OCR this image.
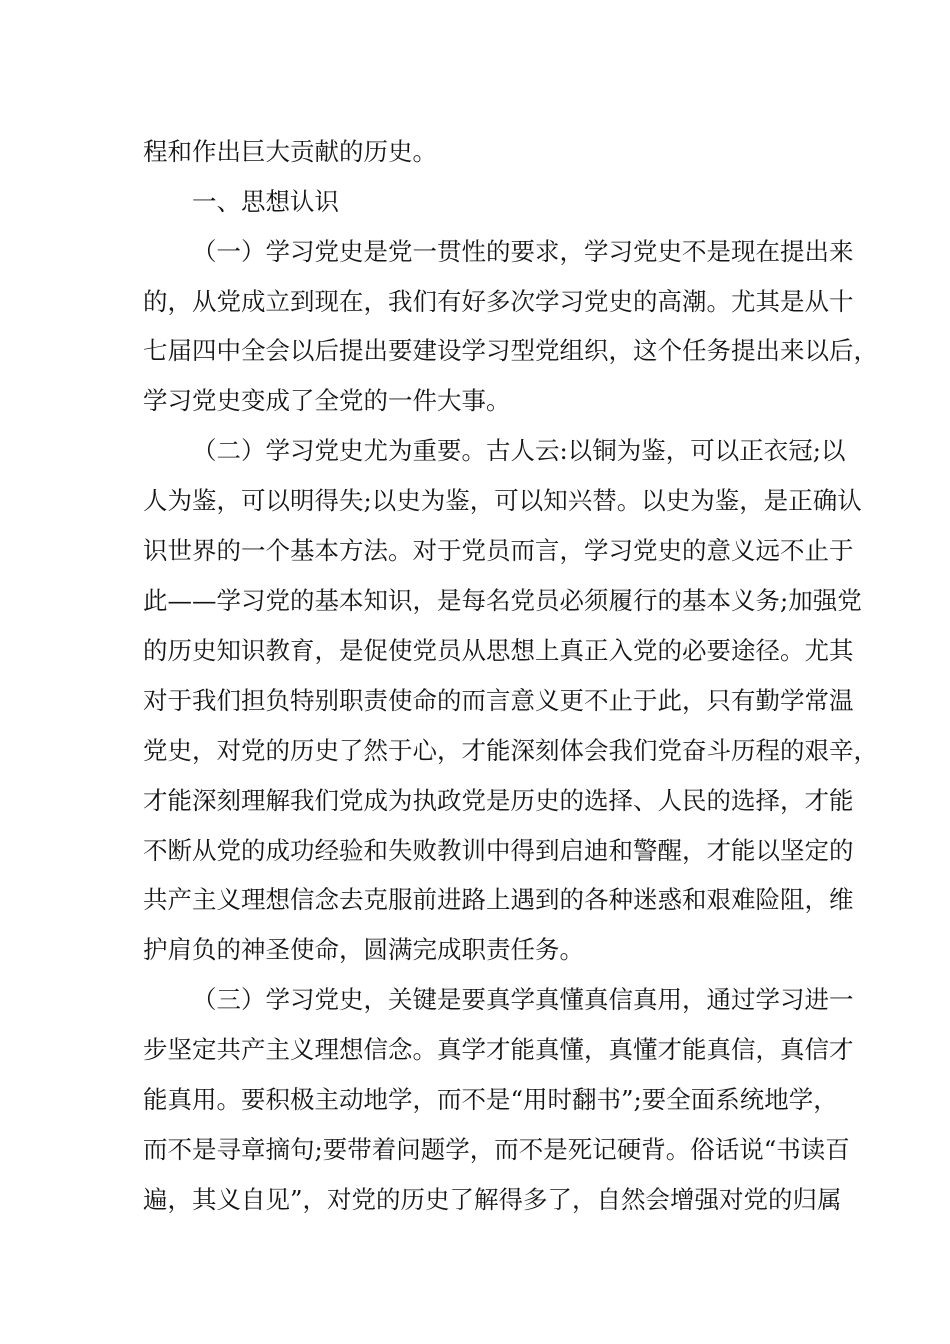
程和作出巨大贡献的历史。
一、思想认识
（一）学习党史是党一贯性的要求，学习党史不是现在提出来
的，从党成立到现在，我们有好多次学习党史的高潮。尤其是从十
七届四中全会以后提出要建设学习型党组织，这个任务提出来以后，
学习党史变成了全党的一件大事。
（二）学习党史尤为重要。古人云:以铜为鉴，可以正衣冠;以
人为鉴，可以明得失;以史为鉴，可以知兴替。以史为鉴，是正确认
识世界的一个基本方法。对于党员而言，学习党史的意义远不止于
此——学习党的基本知识，是每名党员必须履行的基本义务;加强党
的历史知识教育，是促使党员从思想上真正入党的必要途径。尤其
对于我们担负特别职责使命的而言意义更不止于此，只有勤学常温
党史，对党的历史了然于心，才能深刻体会我们党奋斗历程的艰辛，
才能深刻理解我们党成为执政党是历史的选择、人民的选择，才能
不断从党的成功经验和失败教训中得到启迪和警醒，才能以坚定的
共产主义理想信念去克服前进路上遇到的各种迷惑和艰难险阻，维
护肩负的神圣使命，圆满完成职责任务。
（三）学习党史，关键是要真学真懂真信真用，通过学习进一
步坚定共产主义理想信念。真学才能真懂，真懂才能真信，真信才
能真用。要积极主动地学，而不是“用时翻书”;要全面系统地学，
而不是寻章摘句;要带着问题学，而不是死记硬背。俗话说“书读百
遍，其义自见”，对党的历史了解得多了，自然会增强对党的归属
